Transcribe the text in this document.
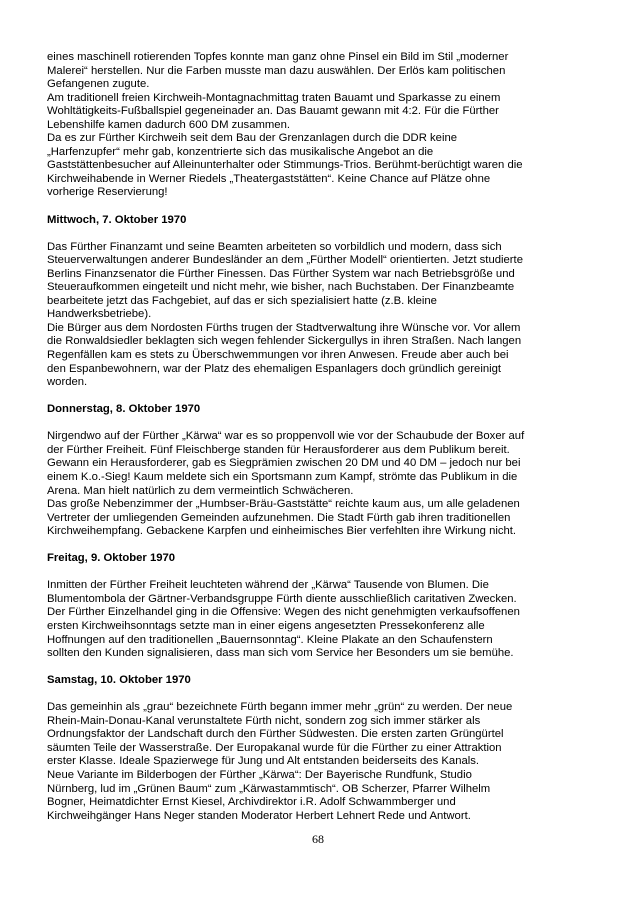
eines maschinell rotierenden Topfes konnte man ganz ohne Pinsel ein Bild im Stil „moderner
Malerei“ herstellen. Nur die Farben musste man dazu auswählen. Der Erlös kam politischen
Gefangenen zugute.
Am traditionell freien Kirchweih-Montagnachmittag traten Bauamt und Sparkasse zu einem
Wohltätigkeits-Fußballspiel gegeneinader an. Das Bauamt gewann mit 4:2. Für die Fürther
Lebenshilfe kamen dadurch 600 DM zusammen.
Da es zur Fürther Kirchweih seit dem Bau der Grenzanlagen durch die DDR keine
„Harfenzupfer“ mehr gab, konzentrierte sich das musikalische Angebot an die
Gaststättenbesucher auf Alleinunterhalter oder Stimmungs-Trios. Berühmt-berüchtigt waren die
Kirchweihabende in Werner Riedels „Theatergaststätten“. Keine Chance auf Plätze ohne
vorherige Reservierung!
Mittwoch, 7. Oktober 1970
Das Fürther Finanzamt und seine Beamten arbeiteten so vorbildlich und modern, dass sich
Steuerverwaltungen anderer Bundesländer an dem „Fürther Modell“ orientierten. Jetzt studierte
Berlins Finanzsenator die Fürther Finessen. Das Fürther System war nach Betriebsgröße und
Steueraufkommen eingeteilt und nicht mehr, wie bisher, nach Buchstaben. Der Finanzbeamte
bearbeitete jetzt das Fachgebiet, auf das er sich spezialisiert hatte (z.B. kleine
Handwerksbetriebe).
Die Bürger aus dem Nordosten Fürths trugen der Stadtverwaltung ihre Wünsche vor. Vor allem
die Ronwaldsiedler beklagten sich wegen fehlender Sickergullys in ihren Straßen. Nach langen
Regenfällen kam es stets zu Überschwemmungen vor ihren Anwesen. Freude aber auch bei
den Espanbewohnern, war der Platz des ehemaligen Espanlagers doch gründlich gereinigt
worden.
Donnerstag, 8. Oktober 1970
Nirgendwo auf der Fürther „Kärwa“ war es so proppenvoll wie vor der Schaubude der Boxer auf
der Fürther Freiheit. Fünf Fleischberge standen für Herausforderer aus dem Publikum bereit.
Gewann ein Herausforderer, gab es Siegprämien zwischen 20 DM und 40 DM – jedoch nur bei
einem K.o.-Sieg! Kaum meldete sich ein Sportsmann zum Kampf, strömte das Publikum in die
Arena. Man hielt natürlich zu dem vermeintlich Schwächeren.
Das große Nebenzimmer der „Humbser-Bräu-Gaststätte“ reichte kaum aus, um alle geladenen
Vertreter der umliegenden Gemeinden aufzunehmen. Die Stadt Fürth gab ihren traditionellen
Kirchweihempfang. Gebackene Karpfen und einheimisches Bier verfehlten ihre Wirkung nicht.
Freitag, 9. Oktober 1970
Inmitten der Fürther Freiheit leuchteten während der „Kärwa“ Tausende von Blumen. Die
Blumentombola der Gärtner-Verbandsgruppe Fürth diente ausschließlich caritativen Zwecken.
Der Fürther Einzelhandel ging in die Offensive: Wegen des nicht genehmigten verkaufsoffenen
ersten Kirchweihsonntags setzte man in einer eigens angesetzten Pressekonferenz alle
Hoffnungen auf den traditionellen „Bauernsonntag“. Kleine Plakate an den Schaufenstern
sollten den Kunden signalisieren, dass man sich vom Service her Besonders um sie bemühe.
Samstag, 10. Oktober 1970
Das gemeinhin als „grau“ bezeichnete Fürth begann immer mehr „grün“ zu werden. Der neue
Rhein-Main-Donau-Kanal verunstaltete Fürth nicht, sondern zog sich immer stärker als
Ordnungsfaktor der Landschaft durch den Fürther Südwesten. Die ersten zarten Grüngürtel
säumten Teile der Wasserstraße. Der Europakanal wurde für die Fürther zu einer Attraktion
erster Klasse. Ideale Spazierwege für Jung und Alt entstanden beiderseits des Kanals.
Neue Variante im Bilderbogen der Fürther „Kärwa“: Der Bayerische Rundfunk, Studio
Nürnberg, lud im „Grünen Baum“ zum „Kärwastammtisch“. OB Scherzer, Pfarrer Wilhelm
Bogner, Heimatdichter Ernst Kiesel, Archivdirektor i.R. Adolf Schwammberger und
Kirchweihgänger Hans Neger standen Moderator Herbert Lehnert Rede und Antwort.
68
